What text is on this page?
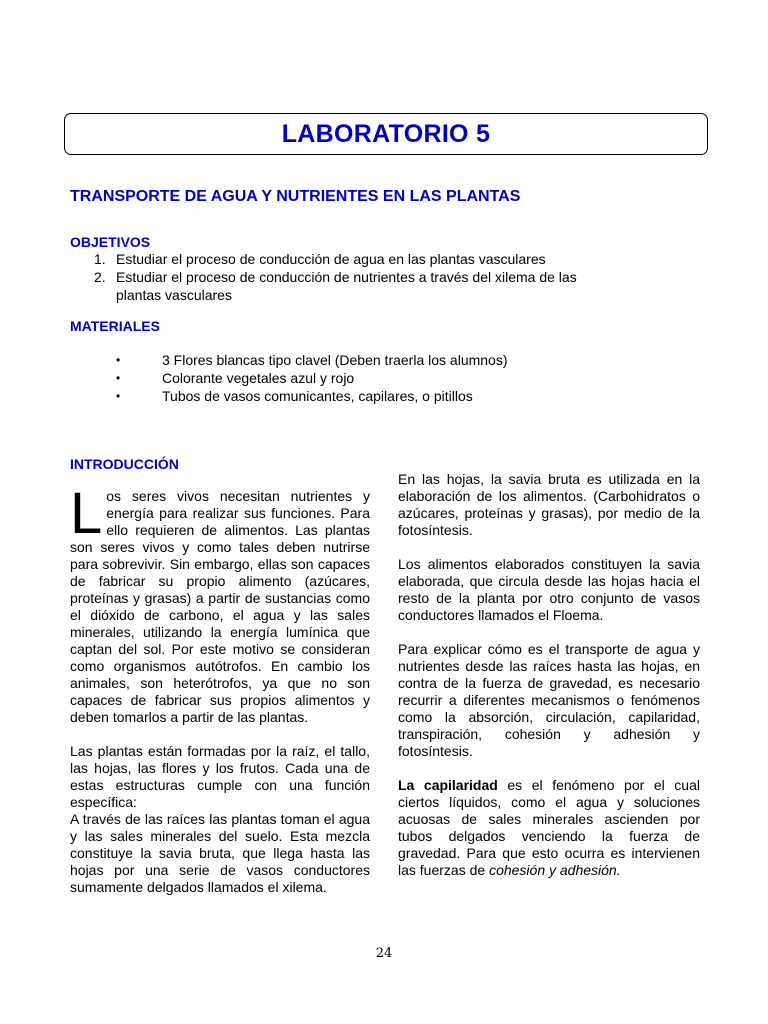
LABORATORIO 5
TRANSPORTE DE AGUA Y NUTRIENTES EN LAS PLANTAS
OBJETIVOS
1. Estudiar el proceso de conducción de agua en las plantas vasculares
2. Estudiar el proceso de conducción de nutrientes a través del xilema de las
plantas vasculares
MATERIALES
•	3 Flores blancas tipo clavel (Deben traerla los alumnos)
•	Colorante vegetales azul y rojo
•	Tubos de vasos comunicantes, capilares, o pitillos
INTRODUCCIÓN

Los seres vivos necesitan nutrientes y energía para realizar sus funciones. Para ello requieren de alimentos. Las plantas son seres vivos y como tales deben nutrirse para sobrevivir. Sin embargo, ellas son capaces de fabricar su propio alimento (azúcares, proteínas y grasas) a partir de sustancias como el dióxido de carbono, el agua y las sales minerales, utilizando la energía lumínica que captan del sol. Por este motivo se consideran como organismos autótrofos. En cambio los animales, son heterótrofos, ya que no son capaces de fabricar sus propios alimentos y deben tomarlos a partir de las plantas.

Las plantas están formadas por la raíz, el tallo, las hojas, las flores y los frutos. Cada una de estas estructuras cumple con una función específica:

A través de las raíces las plantas toman el agua y las sales minerales del suelo. Esta mezcla constituye la savia bruta, que llega hasta las hojas por una serie de vasos conductores sumamente delgados llamados el xilema.

En las hojas, la savia bruta es utilizada en la elaboración de los alimentos. (Carbohidratos o azúcares, proteínas y grasas), por medio de la fotosíntesis.

Los alimentos elaborados constituyen la savia elaborada, que circula desde las hojas hacia el resto de la planta por otro conjunto de vasos conductores llamados el Floema.

Para explicar cómo es el transporte de agua y nutrientes desde las raíces hasta las hojas, en contra de la fuerza de gravedad, es necesario recurrir a diferentes mecanismos o fenómenos como la absorción, circulación, capilaridad, transpiración, cohesión y adhesión y fotosíntesis.

La capilaridad es el fenómeno por el cual ciertos líquidos, como el agua y soluciones acuosas de sales minerales ascienden por tubos delgados venciendo la fuerza de gravedad. Para que esto ocurra es intervienen las fuerzas de cohesión y adhesión.

24
